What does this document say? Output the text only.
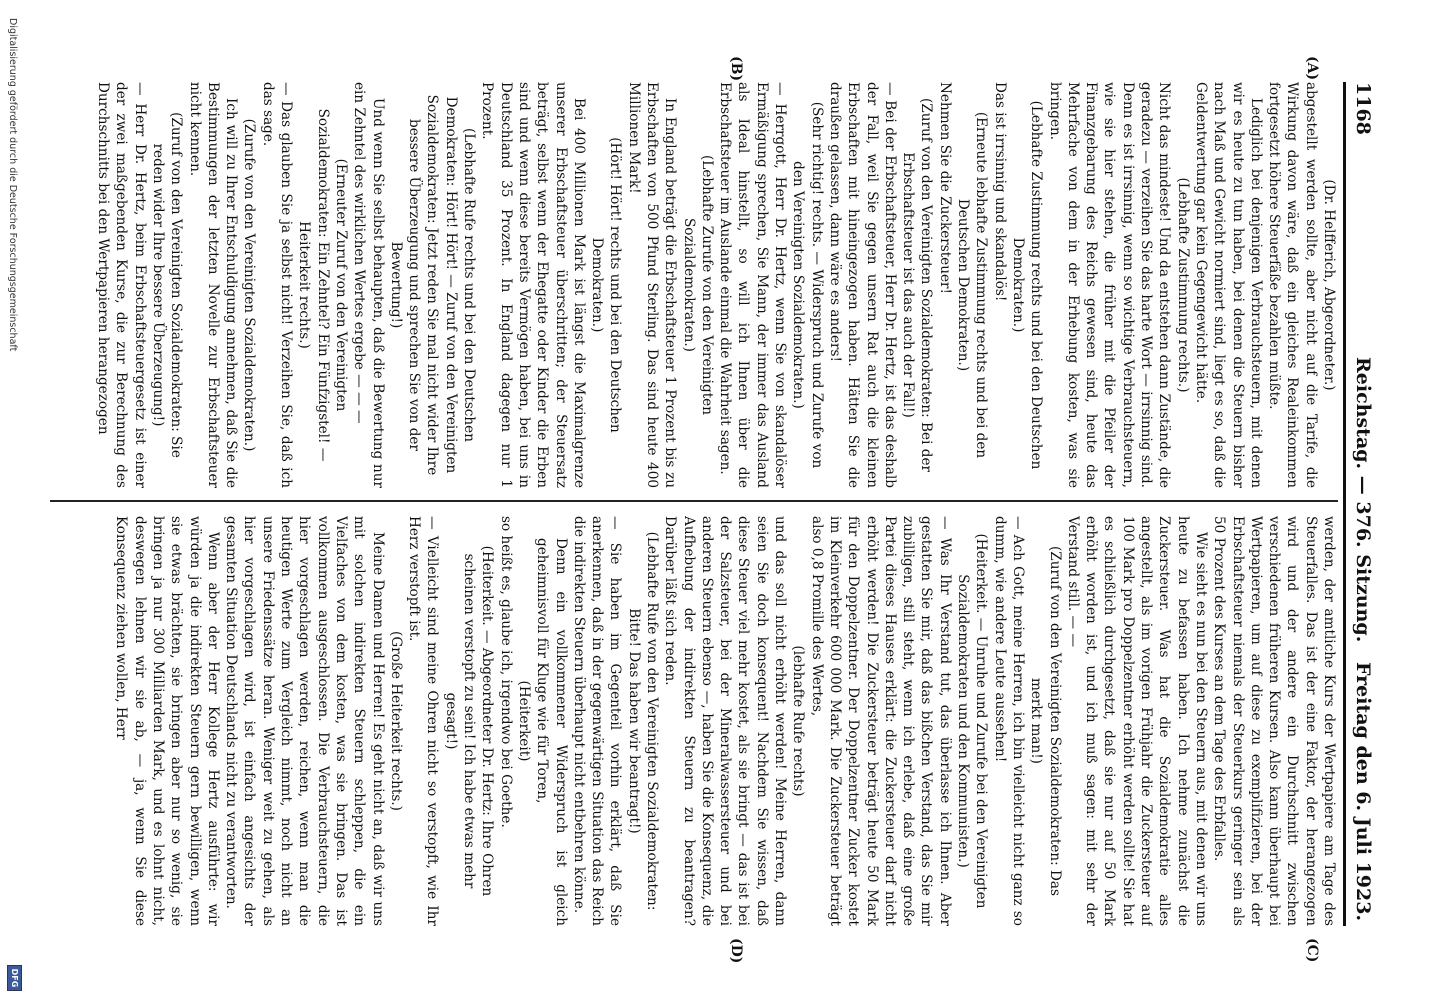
1168
Reichstag. — 376. Sitzung.
Freitag den 6. Juli 1923.
(A)
(B)
(C)
(D)

(Dr. Helfferich, Abgeordneter.)

abgestellt werden sollte, aber nicht auf die Tarife, die Wirkung davon wäre, daß ein gleiches Realeinkommen fortgesetzt höhere Steuerfäße bezahlen müßte.

Lediglich bei denjenigen Verbrauchsteuern, mit denen wir es heute zu tun haben, bei denen die Steuern bisher nach Maß und Gewicht normiert sind, liegt es so, daß die Geldentwertung gar kein Gegengewicht hätte.

(Lebhafte Zustimmung rechts.)

Nicht das mindeste! Und da entstehen dann Zustände, die geradezu — verzeihen Sie das harte Wort — irrsinnig sind. Denn es ist irrsinnig, wenn so wichtige Verbrauchsteuern, wie sie hier stehen, die früher mit die Pfeiler der Finanzgebarung des Reichs gewesen sind, heute das Mehrfache von dem in der Erhebung kosten, was sie bringen.

(Lebhafte Zustimmung rechts und bei den Deutschen Demokraten.)

Das ist irrsinnig und skandalös!

(Erneute lebhafte Zustimmung rechts und bei den Deutschen Demokraten.)

Nehmen Sie die Zuckersteuer!

(Zuruf von den Vereinigten Sozialdemokraten: Bei der Erbschaftsteuer ist das auch der Fall!)

— Bei der Erbschaftsteuer, Herr Dr. Hertz, ist das deshalb der Fall, weil Sie gegen unsern Rat auch die kleinen Erbschaften mit hineingezogen haben. Hätten Sie die draußen gelassen, dann wäre es anders!

(Sehr richtig! rechts. — Widerspruch und Zurufe von den Vereinigten Sozialdemokraten.)

— Herrgott, Herr Dr. Hertz, wenn Sie von skandalöser Ermäßigung sprechen, Sie Mann, der immer das Ausland als Ideal hinstellt, so will ich Ihnen über die Erbschaftsteuer im Auslande einmal die Wahrheit sagen.

(Lebhafte Zurufe von den Vereinigten Sozialdemokraten.)

In England beträgt die Erbschaftsteuer 1 Prozent bis zu Erbschaften von 500 Pfund Sterling. Das sind heute 400 Millionen Mark!

(Hört! Hört! rechts und bei den Deutschen Demokraten.)

Bei 400 Millionen Mark ist längst die Maximalgrenze unserer Erbschaftsteuer überschritten; der Steuersatz beträgt, selbst wenn der Ehegatte oder Kinder die Erben sind und wenn diese bereits Vermögen haben, bei uns in Deutschland 35 Prozent. In England dagegen nur 1 Prozent.

(Lebhafte Rufe rechts und bei den Deutschen Demokraten: Hört! Hört! — Zuruf von den Vereinigten Sozialdemokraten: Jetzt reden Sie mal nicht wider Ihre bessere Überzeugung und sprechen Sie von der Bewertung!)

Und wenn Sie selbst behaupten, daß die Bewertung nur ein Zehntel des wirklichen Wertes ergebe — — —

(Erneuter Zuruf von den Vereinigten Sozialdemokraten: Ein Zehntel? Ein Fünfzigstel! — Heiterkeit rechts.)

— Das glauben Sie ja selbst nicht! Verzeihen Sie, daß ich das sage.

(Zurufe von den Vereinigten Sozialdemokraten.)

Ich will zu Ihrer Entschuldigung annehmen, daß Sie die Bestimmungen der letzten Novelle zur Erbschaftsteuer nicht kennen.

(Zuruf von den Vereinigten Sozialdemokraten: Sie reden wider Ihre bessere Überzeugung!)

— Herr Dr. Hertz, beim Erbschaftsteuergesetz ist einer der zwei maßgebenden Kurse, die zur Berechnung des Durchschnitts bei den Wertpapieren herangezogen

werden, der amtliche Kurs der Wertpapiere am Tage des Steuerfalles. Das ist der eine Faktor, der herangezogen wird und der andere ein Durchschnitt zwischen verschiedenen früheren Kursen. Also kann überhaupt bei Wertpapieren, um auf diese zu exemplifizieren, bei der Erbschaftsteuer niemals der Steuerkurs geringer sein als 50 Prozent des Kurses an dem Tage des Erbfalles.

Wie sieht es nun bei den Steuern aus, mit denen wir uns heute zu befassen haben. Ich nehme zunächst die Zuckersteuer. Was hat die Sozialdemokratie alles angestellt, als im vorigen Frühjahr die Zuckersteuer auf 100 Mark pro Doppelzentner erhöht werden sollte! Sie hat es schließlich durchgesetzt, daß sie nur auf 50 Mark erhöht worden ist, und ich muß sagen: mit sehr der Verstand still. — —

(Zuruf von den Vereinigten Sozialdemokraten: Das merkt man!)

— Ach Gott, meine Herren, ich bin vielleicht nicht ganz so dumm, wie andere Leute aussehen!

(Heiterkeit. — Unruhe und Zurufe bei den Vereinigten Sozialdemokraten und den Kommunisten.)

— Was Ihr Verstand tut, das überlasse ich Ihnen. Aber gestatten Sie mir, daß das bißchen Verstand, das Sie mir zubilligen, still steht, wenn ich erlebe, daß eine große Partei dieses Hauses erklärt: die Zuckersteuer darf nicht erhöht werden! Die Zuckersteuer beträgt heute 50 Mark für den Doppelzentner. Der Doppelzentner Zucker kostet im Kleinverkehr 600 000 Mark. Die Zuckersteuer beträgt also 0,8 Promille des Wertes,

(lebhafte Rufe rechts)

und das soll nicht erhöht werden! Meine Herren, dann seien Sie doch konsequent! Nachdem Sie wissen, daß diese Steuer viel mehr kostet, als sie bringt — das ist bei der Salzsteuer, bei der Mineralwassersteuer und bei anderen Steuern ebenso —, haben Sie die Konsequenz, die Aufhebung der indirekten Steuern zu beantragen? Darüber läßt sich reden.

(Lebhafte Rufe von den Vereinigten Sozialdemokraten: Bitte! Das haben wir beantragt!)

— Sie haben im Gegenteil vorhin erklärt, daß Sie anerkennen, daß in der gegenwärtigen Situation das Reich die indirekten Steuern überhaupt nicht entbehren könne.

Denn ein vollkommener Widerspruch ist gleich geheimnisvoll für Kluge wie für Toren,

(Heiterkeit)

so heißt es, glaube ich, irgendwo bei Goethe.

(Heiterkeit. — Abgeordneter Dr. Hertz: Ihre Ohren scheinen verstopft zu sein! Ich habe etwas mehr gesagt!)

— Vielleicht sind meine Ohren nicht so verstopft, wie Ihr Herz verstopft ist.

(Große Heiterkeit rechts.)

Meine Damen und Herren! Es geht nicht an, daß wir uns mit solchen indirekten Steuern schleppen, die ein Vielfaches von dem kosten, was sie bringen. Das ist vollkommen ausgeschlossen. Die Verbrauchsteuern, die hier vorgeschlagen werden, reichen, wenn man die heutigen Werte zum Vergleich nimmt, noch nicht an unsere Friedenssätze heran. Weniger weit zu gehen, als hier vorgeschlagen wird, ist einfach angesichts der gesamten Situation Deutschlands nicht zu verantworten.

Wenn aber der Herr Kollege Hertz ausführte: wir würden ja die indirekten Steuern gern bewilligen, wenn sie etwas brächten, sie bringen aber nur so wenig, sie bringen ja nur 300 Milliarden Mark, und es lohnt nicht, deswegen lehnen wir sie ab, — ja, wenn Sie diese Konsequenz ziehen wollen, Herr

Digitalisierung gefördert durch die Deutsche Forschungsgemeinschaft
DFG
